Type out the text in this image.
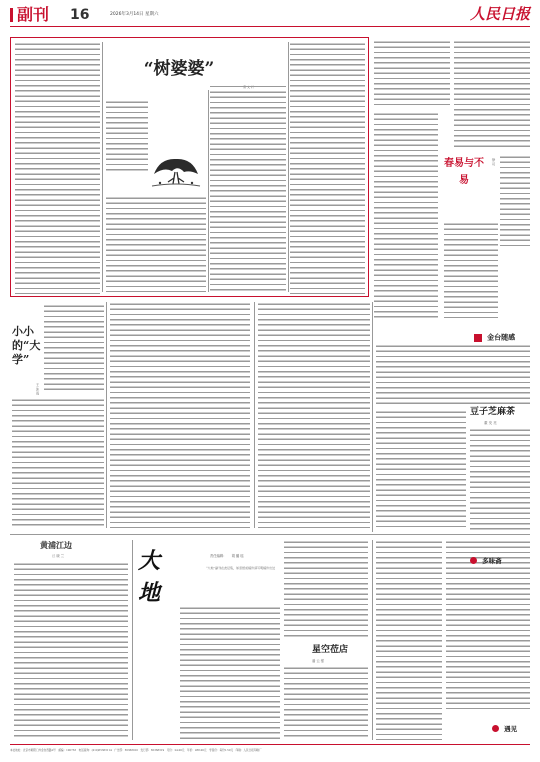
副刊 16	2026年3月14日 星期六	人民日报
“树婆婆”
曹 文 轩
春易与不易
徐 可
金台随感
小小的“大学”
王 沐 雨
豆子芝麻茶
董 发 亮
黄浦江边
丘 晓 兰	大地
责任编辑： 胡 璐 瑶
“大地”副刊在此征集，如需纸质稿件请写明稿件出处
星空莅店
潘 云 强
多味斋
遇见
本社地址：北京市朝阳门外金台西路2号　邮编：100733　电话查询：(010)65363114　广告部：65368910　发行部：65368319　月价：24.00元　年价：288.00元　零售价：每份1.50元　印刷：人民日报印刷厂
